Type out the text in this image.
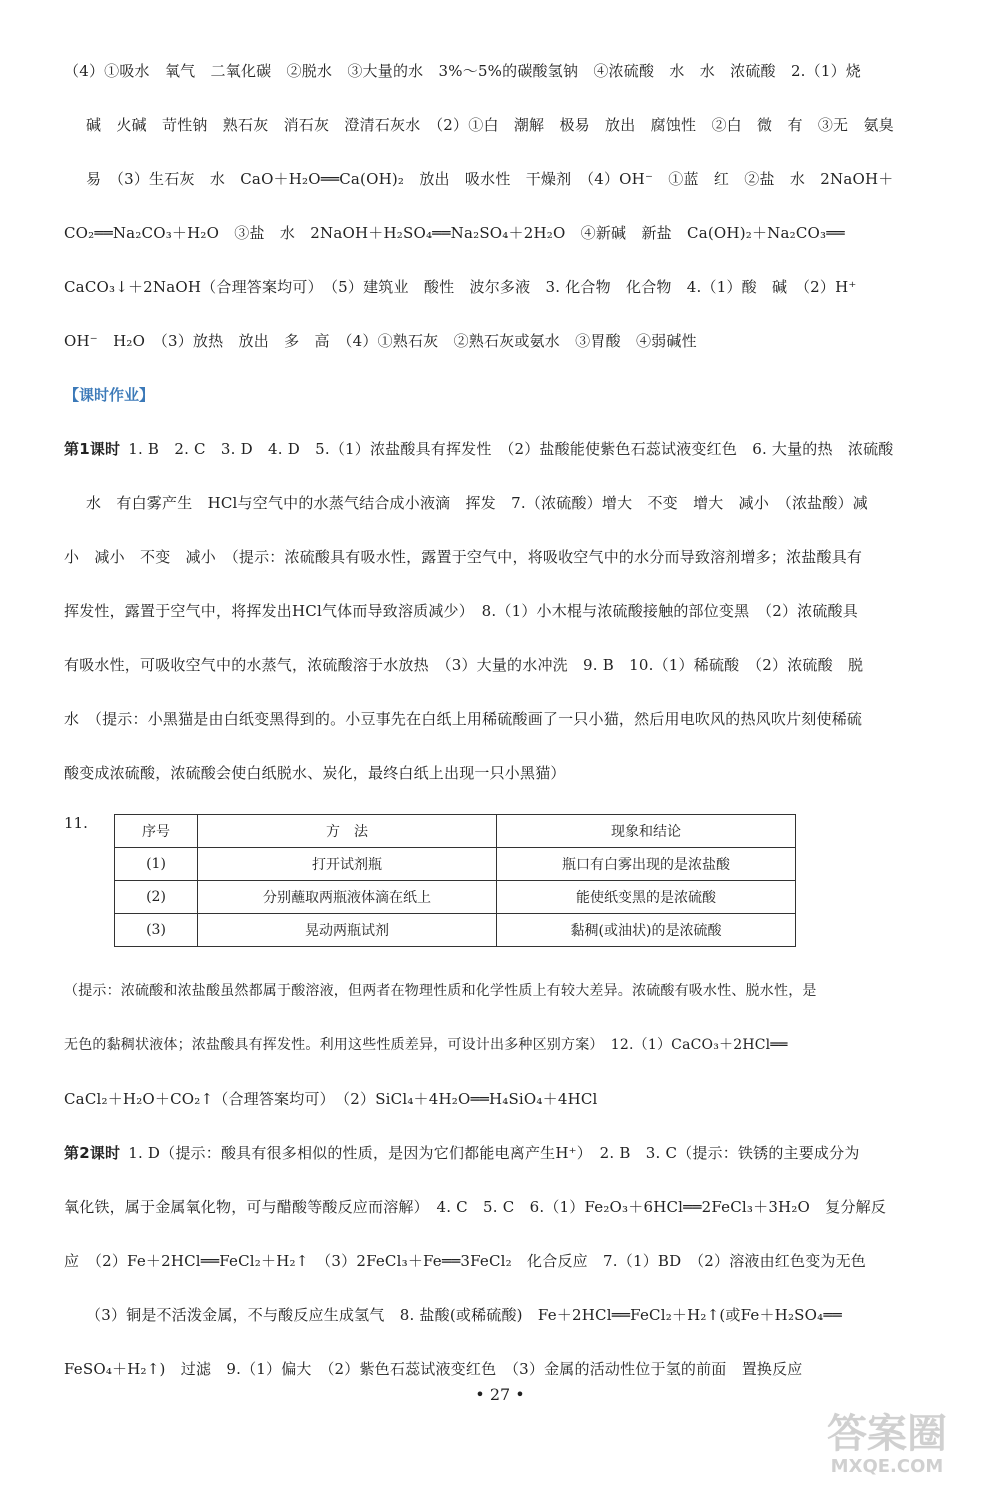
（4）①吸水　氧气　二氧化碳　②脱水　③大量的水　3%～5%的碳酸氢钠　④浓硫酸　水　水　浓硫酸　2.（1）烧
碱　火碱　苛性钠　熟石灰　消石灰　澄清石灰水　（2）①白　潮解　极易　放出　腐蚀性　②白　微　有　③无　氨臭
易　（3）生石灰　水　CaO＋H₂O══Ca(OH)₂　放出　吸水性　干燥剂　（4）OH⁻　①蓝　红　②盐　水　2NaOH＋
CO₂══Na₂CO₃＋H₂O　③盐　水　2NaOH＋H₂SO₄══Na₂SO₄＋2H₂O　④新碱　新盐　Ca(OH)₂＋Na₂CO₃══
CaCO₃↓＋2NaOH（合理答案均可）　（5）建筑业　酸性　波尔多液　3. 化合物　化合物　4.（1）酸　碱　（2）H⁺
OH⁻　H₂O　（3）放热　放出　多　高　（4）①熟石灰　②熟石灰或氨水　③胃酸　④弱碱性
【课时作业】
第1课时 1. B　2. C　3. D　4. D　5.（1）浓盐酸具有挥发性　（2）盐酸能使紫色石蕊试液变红色　6. 大量的热　浓硫酸
水　有白雾产生　HCl与空气中的水蒸气结合成小液滴　挥发　7.（浓硫酸）增大　不变　增大　减小　（浓盐酸）减
小　减小　不变　减小　（提示：浓硫酸具有吸水性，露置于空气中，将吸收空气中的水分而导致溶剂增多；浓盐酸具有
挥发性，露置于空气中，将挥发出HCl气体而导致溶质减少）　8.（1）小木棍与浓硫酸接触的部位变黑　（2）浓硫酸具
有吸水性，可吸收空气中的水蒸气，浓硫酸溶于水放热　（3）大量的水冲洗　9. B　10.（1）稀硫酸　（2）浓硫酸　脱
水　（提示：小黑猫是由白纸变黑得到的。小豆事先在白纸上用稀硫酸画了一只小猫，然后用电吹风的热风吹片刻使稀硫
酸变成浓硫酸，浓硫酸会使白纸脱水、炭化，最终白纸上出现一只小黑猫）
11.	序号	方　法	现象和结论
(1)	打开试剂瓶	瓶口有白雾出现的是浓盐酸
(2)	分别蘸取两瓶液体滴在纸上	能使纸变黑的是浓硫酸
(3)	晃动两瓶试剂	黏稠(或油状)的是浓硫酸
（提示：浓硫酸和浓盐酸虽然都属于酸溶液，但两者在物理性质和化学性质上有较大差异。浓硫酸有吸水性、脱水性，是
无色的黏稠状液体；浓盐酸具有挥发性。利用这些性质差异，可设计出多种区别方案）　12.（1）CaCO₃＋2HCl══
CaCl₂＋H₂O＋CO₂↑（合理答案均可）　（2）SiCl₄＋4H₂O══H₄SiO₄＋4HCl
第2课时 1. D（提示：酸具有很多相似的性质，是因为它们都能电离产生H⁺）　2. B　3. C（提示：铁锈的主要成分为
氧化铁，属于金属氧化物，可与醋酸等酸反应而溶解）　4. C　5. C　6.（1）Fe₂O₃＋6HCl══2FeCl₃＋3H₂O　复分解反
应　（2）Fe＋2HCl══FeCl₂＋H₂↑　（3）2FeCl₃＋Fe══3FeCl₂　化合反应　7.（1）BD　（2）溶液由红色变为无色
（3）铜是不活泼金属，不与酸反应生成氢气　8. 盐酸(或稀硫酸)　Fe＋2HCl══FeCl₂＋H₂↑(或Fe＋H₂SO₄══
FeSO₄＋H₂↑)　过滤　9.（1）偏大　（2）紫色石蕊试液变红色　（3）金属的活动性位于氢的前面　置换反应
• 27 •
答案圈
MXQE.COM
